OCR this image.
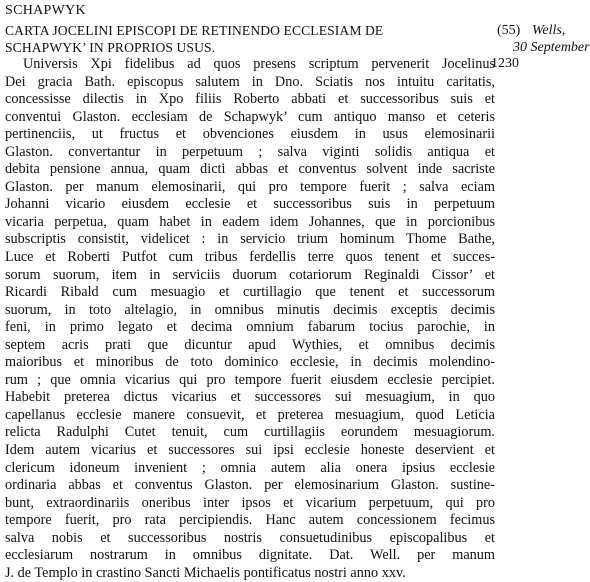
SCHAPWYK
CARTA JOCELINI EPISCOPI DE RETINENDO ECCLESIAM DE
SCHAPWYK’ IN PROPRIOS USUS.
(55) Wells,
30 September
1230
Universis Xpi fidelibus ad quos presens scriptum pervenerit Jocelinus
Dei gracia Bath. episcopus salutem in Dno. Sciatis nos intuitu caritatis,
concessisse dilectis in Xpo filiis Roberto abbati et successoribus suis et
conventui Glaston. ecclesiam de Schapwyk’ cum antiquo manso et ceteris
pertinenciis, ut fructus et obvenciones eiusdem in usus elemosinarii
Glaston. convertantur in perpetuum ; salva viginti solidis antiqua et
debita pensione annua, quam dicti abbas et conventus solvent inde sacriste
Glaston. per manum elemosinarii, qui pro tempore fuerit ; salva eciam
Johanni vicario eiusdem ecclesie et successoribus suis in perpetuum
vicaria perpetua, quam habet in eadem idem Johannes, que in porcionibus
subscriptis consistit, videlicet : in servicio trium hominum Thome Bathe,
Luce et Roberti Putfot cum tribus ferdellis terre quos tenent et succes-
sorum suorum, item in serviciis duorum cotariorum Reginaldi Cissor’ et
Ricardi Ribald cum mesuagio et curtillagio que tenent et successorum
suorum, in toto altelagio, in omnibus minutis decimis exceptis decimis
feni, in primo legato et decima omnium fabarum tocius parochie, in
septem acris prati que dicuntur apud Wythies, et omnibus decimis
maioribus et minoribus de toto dominico ecclesie, in decimis molendino-
rum ; que omnia vicarius qui pro tempore fuerit eiusdem ecclesie percipiet.
Habebit preterea dictus vicarius et successores sui mesuagium, in quo
capellanus ecclesie manere consuevit, et preterea mesuagium, quod Leticia
relicta Radulphi Cutet tenuit, cum curtillagiis eorundem mesuagiorum.
Idem autem vicarius et successores sui ipsi ecclesie honeste deservient et
clericum idoneum invenient ; omnia autem alia onera ipsius ecclesie
ordinaria abbas et conventus Glaston. per elemosinarium Glaston. sustine-
bunt, extraordinariis oneribus inter ipsos et vicarium perpetuum, qui pro
tempore fuerit, pro rata percipiendis. Hanc autem concessionem fecimus
salva nobis et successoribus nostris consuetudinibus episcopalibus et
ecclesiarum nostrarum in omnibus dignitate. Dat. Well. per manum
J. de Templo in crastino Sancti Michaelis pontificatus nostri anno xxv.
